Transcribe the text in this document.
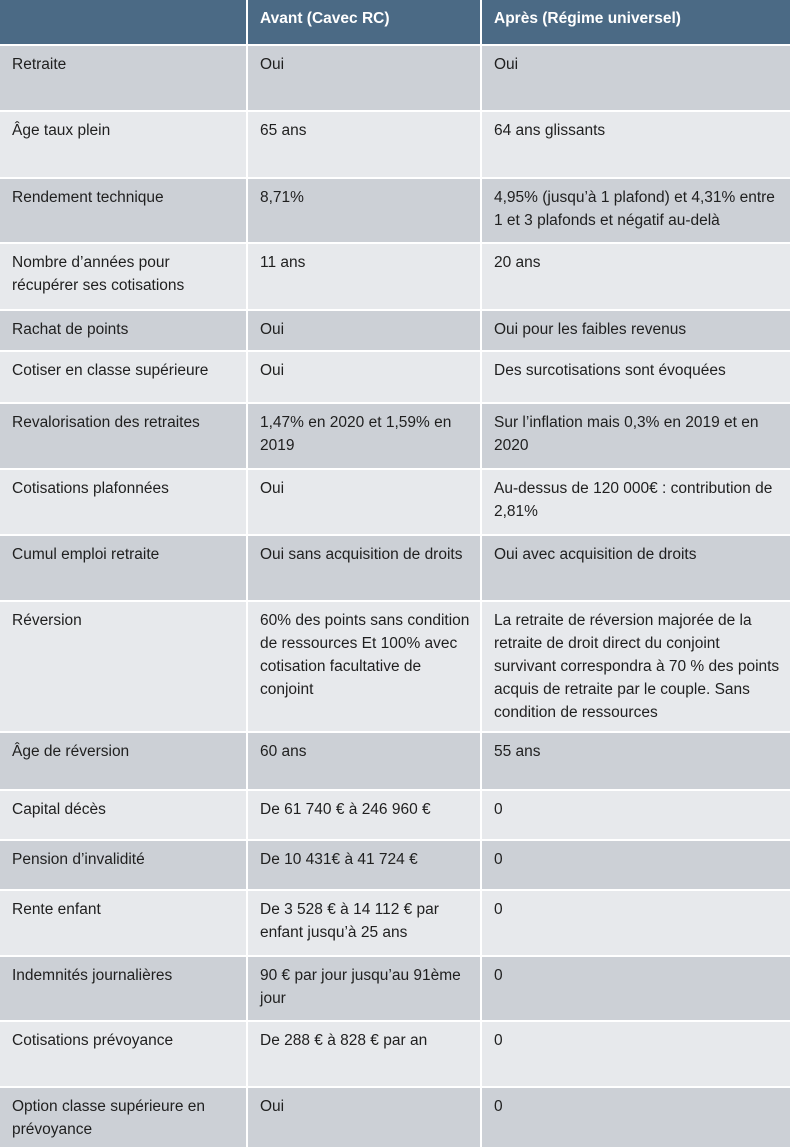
	Avant (Cavec RC)	Après (Régime universel)
Retraite	Oui	Oui
Âge taux plein	65 ans	64 ans glissants
Rendement technique	8,71%	4,95% (jusqu’à 1 plafond) et 4,31% entre 1 et 3 plafonds et négatif au-delà
Nombre d’années pour récupérer ses cotisations	11 ans	20 ans
Rachat de points	Oui	Oui pour les faibles revenus
Cotiser en classe supérieure	Oui	Des surcotisations sont évoquées
Revalorisation des retraites	1,47% en 2020 et 1,59% en 2019	Sur l’inflation mais 0,3% en 2019 et en 2020
Cotisations plafonnées	Oui	Au-dessus de 120 000€ : contribution de 2,81%
Cumul emploi retraite	Oui sans acquisition de droits	Oui avec acquisition de droits
Réversion	60% des points sans condition de ressources Et 100% avec cotisation facultative de conjoint	La retraite de réversion majorée de la retraite de droit direct du conjoint survivant correspondra à 70 % des points acquis de retraite par le couple. Sans condition de ressources
Âge de réversion	60 ans	55 ans
Capital décès	De 61 740 € à 246 960 €	0
Pension d’invalidité	De 10 431€ à 41 724 €	0
Rente enfant	De 3 528 € à 14 112 € par enfant jusqu’à 25 ans	0
Indemnités journalières	90 € par jour jusqu’au 91ème jour	0
Cotisations prévoyance	De 288 € à 828 € par an	0
Option classe supérieure en prévoyance	Oui	0
